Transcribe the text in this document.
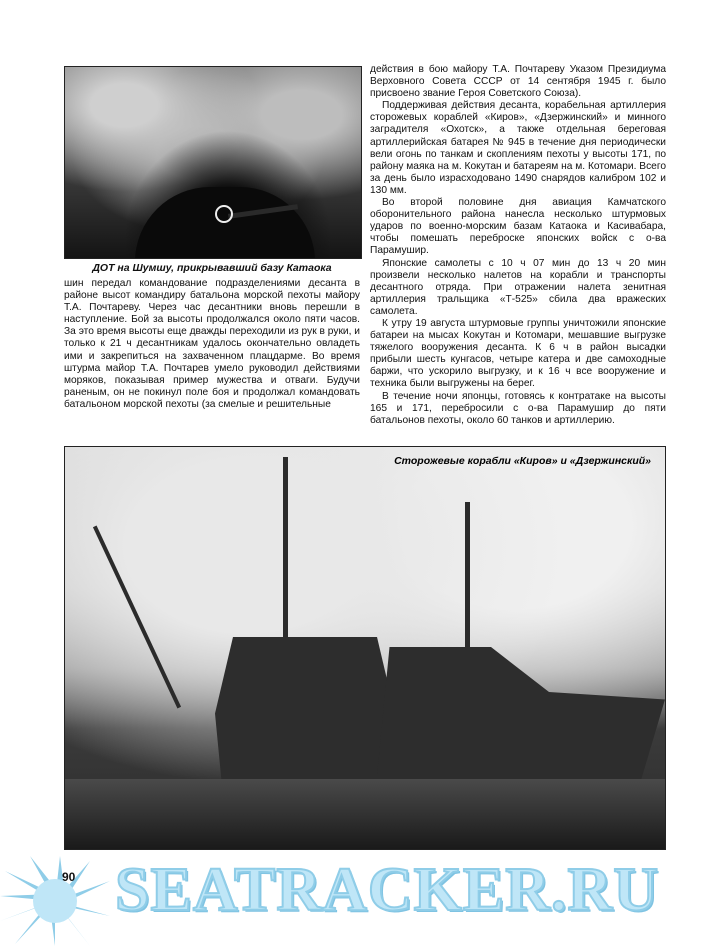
ДОТ на Шумшу, прикрывавший базу Катаока

шин передал командование подразделениями десанта в районе высот командиру батальона морской пехоты майору Т.А. Почтареву. Через час десантники вновь перешли в наступление. Бой за высоты продолжался около пяти часов. За это время высоты еще дважды переходили из рук в руки, и только к 21 ч десантникам удалось окончательно овладеть ими и закрепиться на захваченном плацдарме. Во время штурма майор Т.А. Почтарев умело руководил действиями моряков, показывая пример мужества и отваги. Будучи раненым, он не покинул поле боя и продолжал командовать батальоном морской пехоты (за смелые и решительные

действия в бою майору Т.А. Почтареву Указом Президиума Верховного Совета СССР от 14 сентября 1945 г. было присвоено звание Героя Советского Союза).

Поддерживая действия десанта, корабельная артиллерия сторожевых кораблей «Киров», «Дзержинский» и минного заградителя «Охотск», а также отдельная береговая артиллерийская батарея № 945 в течение дня периодически вели огонь по танкам и скоплениям пехоты у высоты 171, по району маяка на м. Кокутан и батареям на м. Котомари. Всего за день было израсходовано 1490 снарядов калибром 102 и 130 мм.

Во второй половине дня авиация Камчатского оборонительного района нанесла несколько штурмовых ударов по военно-морским базам Катаока и Касивабара, чтобы помешать переброске японских войск с о-ва Парамушир.

Японские самолеты с 10 ч 07 мин до 13 ч 20 мин произвели несколько налетов на корабли и транспорты десантного отряда. При отражении налета зенитная артиллерия тральщика «Т-525» сбила два вражеских самолета.

К утру 19 августа штурмовые группы уничтожили японские батареи на мысах Кокутан и Котомари, мешавшие выгрузке тяжелого вооружения десанта. К 6 ч в район высадки прибыли шесть кунгасов, четыре катера и две самоходные баржи, что ускорило выгрузку, и к 16 ч все вооружение и техника были выгружены на берег.

В течение ночи японцы, готовясь к контратаке на высоты 165 и 171, перебросили с о-ва Парамушир до пяти батальонов пехоты, около 60 танков и артиллерию.

Сторожевые корабли «Киров» и «Дзержинский»
90 SEATRACKER.RU
